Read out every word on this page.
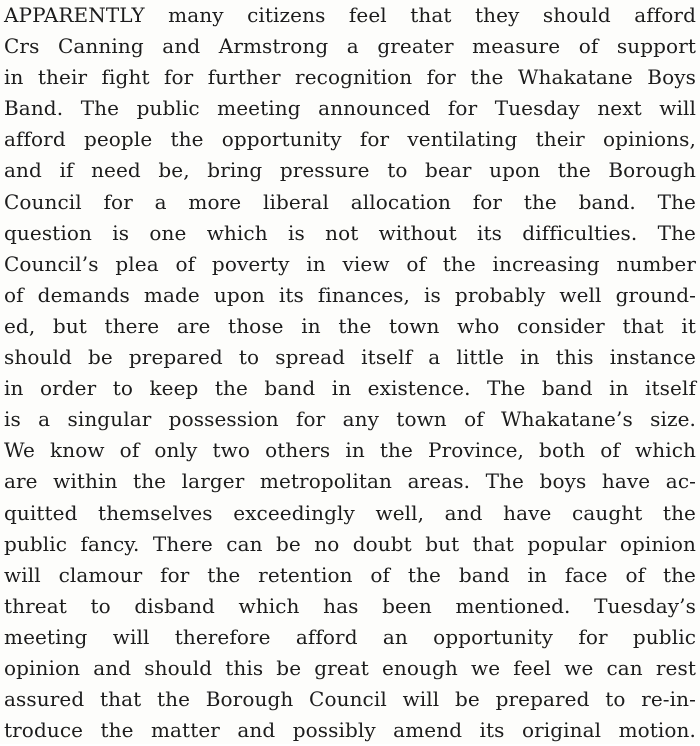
APPARENTLY many citizens feel that they should afford
Crs Canning and Armstrong a greater measure of support
in their fight for further recognition for the Whakatane Boys
Band. The public meeting announced for Tuesday next will
afford people the opportunity for ventilating their opinions,
and if need be, bring pressure to bear upon the Borough
Council for a more liberal allocation for the band. The
question is one which is not without its difficulties. The
Council’s plea of poverty in view of the increasing number
of demands made upon its finances, is probably well ground-
ed, but there are those in the town who consider that it
should be prepared to spread itself a little in this instance
in order to keep the band in existence. The band in itself
is a singular possession for any town of Whakatane’s size.
We know of only two others in the Province, both of which
are within the larger metropolitan areas. The boys have ac-
quitted themselves exceedingly well, and have caught the
public fancy. There can be no doubt but that popular opinion
will clamour for the retention of the band in face of the
threat to disband which has been mentioned. Tuesday’s
meeting will therefore afford an opportunity for public
opinion and should this be great enough we feel we can rest
assured that the Borough Council will be prepared to re-in-
troduce the matter and possibly amend its original motion.
